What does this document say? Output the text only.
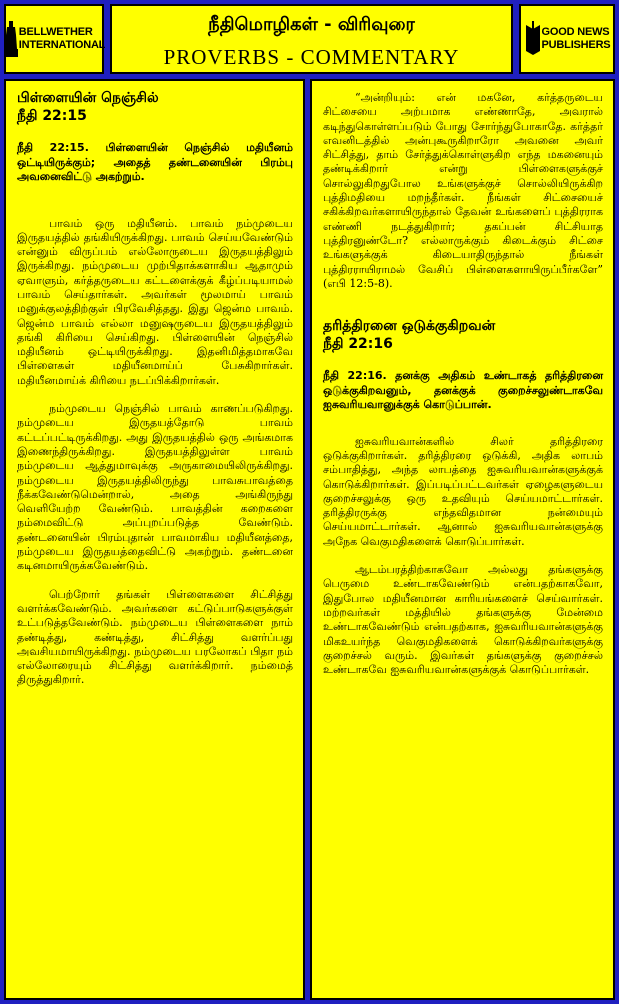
BELLWETHER
INTERNATIONAL
நீதிமொழிகள் - விரிவுரை
PROVERBS - COMMENTARY
GOOD NEWS
PUBLISHERS
பிள்ளையின் நெஞ்சில்
நீதி 22:15
நீதி 22:15. பிள்ளையின் நெஞ்சில் மதியீனம் ஒட்டியிருக்கும்; அதைத் தண்டனையின் பிரம்பு அவனைவிட்டு அகற்றும்.

பாவம் ஒரு மதியீனம். பாவம் நம்முடைய இருதயத்தில் தங்கியிருக்கிறது. பாவம் செய்யவேண்டும் என்னும் விருப்பம் எல்லோருடைய இருதயத்திலும் இருக்கிறது. நம்முடைய முற்பிதாக்களாகிய ஆதாமும் ஏவாளும், கர்த்தருடைய கட்டளைக்குக் கீழ்ப்படியாமல் பாவம் செய்தார்கள். அவர்கள் மூலமாய் பாவம் மனுக்குலத்திற்குள் பிரவேசித்தது. இது ஜென்ம பாவம். ஜென்ம பாவம் எல்லா மனுஷருடைய இருதயத்திலும் தங்கி கிரியை செய்கிறது. பிள்ளையின் நெஞ்சில் மதியீனம் ஒட்டியிருக்கிறது. இதனிமித்தமாகவே பிள்ளைகள் மதியீனமாய்ப் பேசுகிறார்கள். மதியீனமாய்க் கிரியை நடப்பிக்கிறார்கள்.

நம்முடைய நெஞ்சில் பாவம் காணப்படுகிறது. நம்முடைய இருதயத்தோடு பாவம் கட்டப்பட்டிருக்கிறது. அது இருதயத்தில் ஒரு அங்கமாக இணைந்திருக்கிறது. இருதயத்திலுள்ள பாவம் நம்முடைய ஆத்துமாவுக்கு அருகாமையிலிருக்கிறது. நம்முடைய இருதயத்திலிருந்து பாவசுபாவத்தை நீக்கவேண்டுமென்றால், அதை அங்கிருந்து வெளியேற்ற வேண்டும். பாவத்தின் கறைகளை நம்மைவிட்டு அப்புறப்படுத்த வேண்டும். தண்டனையின் பிரம்புதான் பாவமாகிய மதியீனத்தை, நம்முடைய இருதயத்தைவிட்டு அகற்றும். தண்டனை கடினமாயிருக்கவேண்டும்.

பெற்றோர் தங்கள் பிள்ளைகளை சிட்சித்து வளர்க்கவேண்டும். அவர்களை கட்டுப்பாடுகளுக்குள் உட்படுத்தவேண்டும். நம்முடைய பிள்ளைகளை நாம் தண்டித்து, கண்டித்து, சிட்சித்து வளர்ப்பது அவசியமாயிருக்கிறது. நம்முடைய பரலோகப் பிதா நம் எல்லோரையும் சிட்சித்து வளர்க்கிறார். நம்மைத் திருத்துகிறார்.

“அன்றியும்: என் மகனே, கர்த்தருடைய சிட்சையை அற்பமாக எண்ணாதே, அவரால் கடிந்துகொள்ளப்படும் போது சோர்ந்துபோகாதே. கர்த்தர் எவனிடத்தில் அன்புகூருகிறாரோ அவனை அவர் சிட்சித்து, தாம் சேர்த்துக்கொள்ளுகிற எந்த மகனையும் தண்டிக்கிறார் என்று பிள்ளைகளுக்குச் சொல்லுகிறதுபோல உங்களுக்குச் சொல்லியிருக்கிற புத்திமதியை மறந்தீர்கள். நீங்கள் சிட்சையைச் சகிக்கிறவர்களாயிருந்தால் தேவன் உங்களைப் புத்திரராக எண்ணி நடத்துகிறார்; தகப்பன் சிட்சியாத புத்திரனுண்டோ? எல்லாருக்கும் கிடைக்கும் சிட்சை உங்களுக்குக் கிடையாதிருந்தால் நீங்கள் புத்திரராயிராமல் வேசிப் பிள்ளைகளாயிருப்பீர்களே” (எபி 12:5-8).

தரித்திரனை ஒடுக்குகிறவன்
நீதி 22:16
நீதி 22:16. தனக்கு அதிகம் உண்டாகத் தரித்திரனை ஒடுக்குகிறவனும், தனக்குக் குறைச்சலுண்டாகவே ஐசுவரியவானுக்குக் கொடுப்பான்.

ஐசுவரியவான்களில் சிலர் தரித்திரரை ஒடுக்குகிறார்கள். தரித்திரரை ஒடுக்கி, அதிக லாபம் சம்பாதித்து, அந்த லாபத்தை ஐசுவரியவான்களுக்குக் கொடுக்கிறார்கள். இப்படிப்பட்டவர்கள் ஏழைகளுடைய குறைச்சலுக்கு ஒரு உதவியும் செய்யமாட்டார்கள். தரித்திரருக்கு எந்தவிதமான நன்மையும் செய்யமாட்டார்கள். ஆனால் ஐசுவரியவான்களுக்கு அநேக வெகுமதிகளைக் கொடுப்பார்கள்.

ஆடம்பரத்திற்காகவோ அல்லது தங்களுக்கு பெருமை உண்டாகவேண்டும் என்பதற்காகவோ, இதுபோல மதியீனமான காரியங்களைச் செய்வார்கள். மற்றவர்கள் மத்தியில் தங்களுக்கு மேன்மை உண்டாகவேண்டும் என்பதற்காக, ஐசுவரியவான்களுக்கு மிகஉயர்ந்த வெகுமதிகளைக் கொடுக்கிறவர்களுக்கு குறைச்சல் வரும். இவர்கள் தங்களுக்கு குறைச்சல் உண்டாகவே ஐசுவரியவான்களுக்குக் கொடுப்பார்கள்.
